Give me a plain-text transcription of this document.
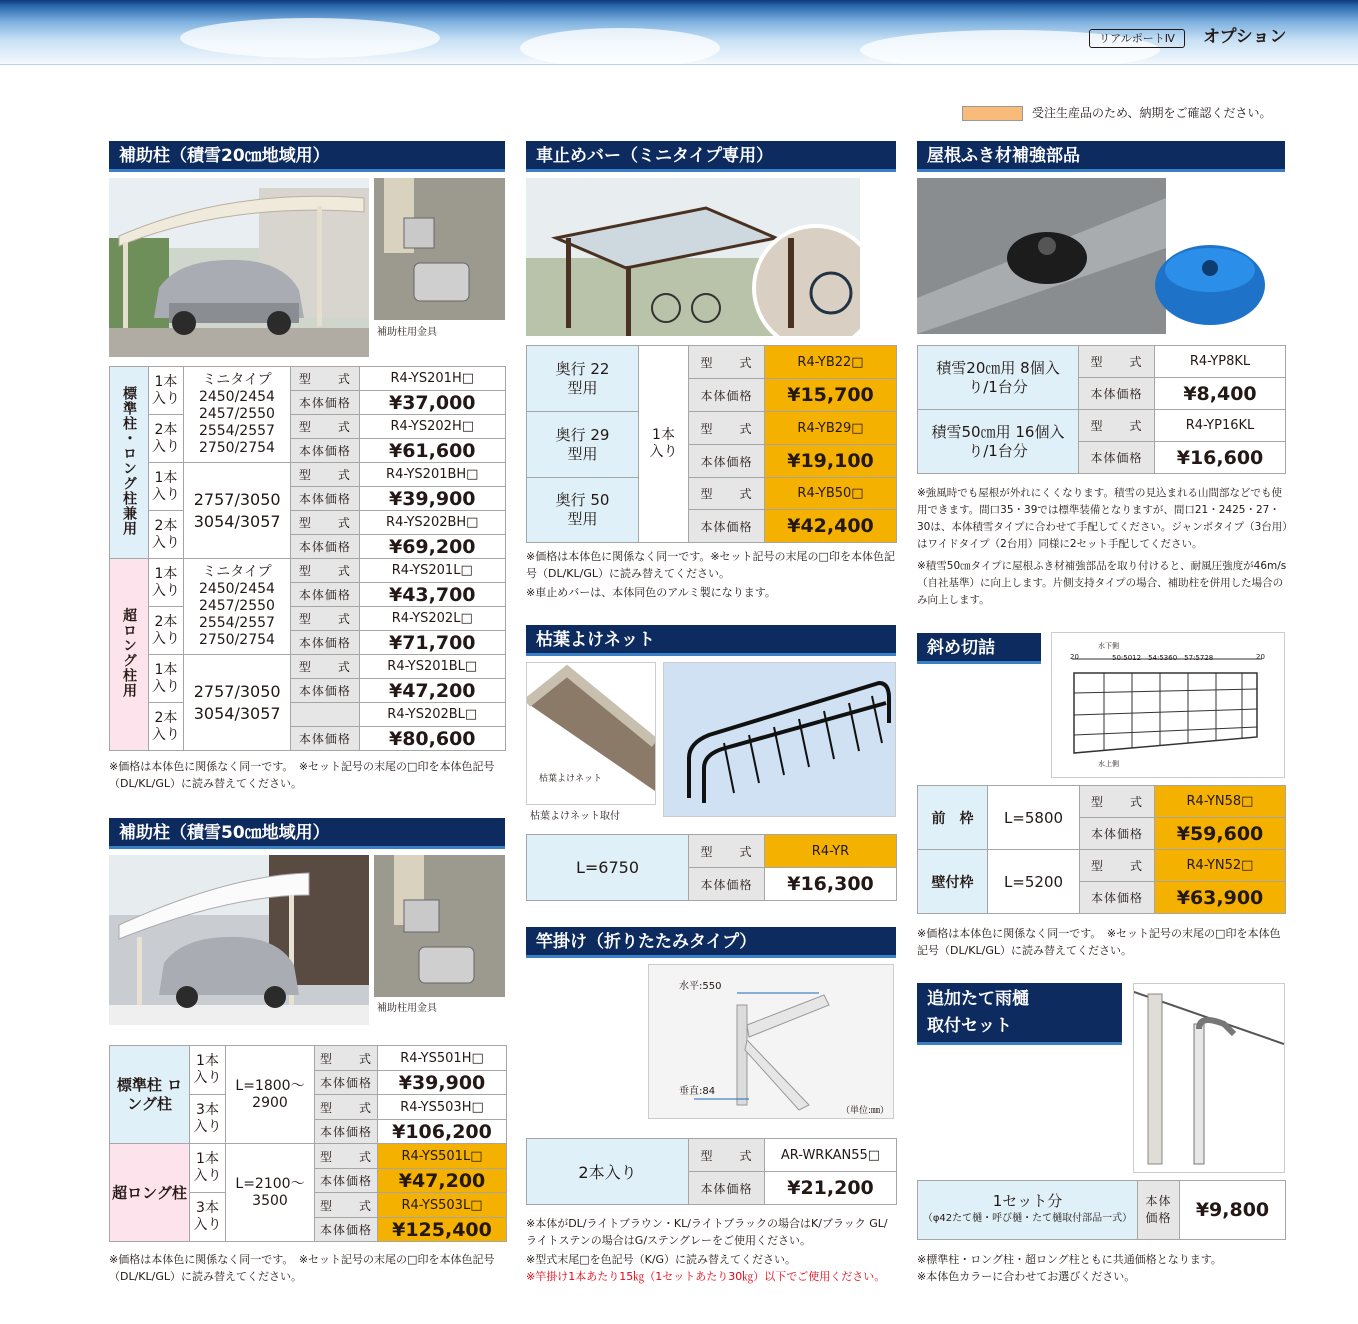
リアルポートⅣ	オプション
受注生産品のため、納期をご確認ください。
補助柱（積雪20㎝地域用）
補助柱用金具
標準柱・ロング柱兼用	1本入り	ミニタイプ 2450/2454 2457/2550 2554/2557 2750/2754	型　　式	R4-YS201H□
			本体価格	¥37,000
	2本入り		型　　式	R4-YS202H□
			本体価格	¥61,600
	1本入り	2757/3050 3054/3057	型　　式	R4-YS201BH□
			本体価格	¥39,900
	2本入り		型　　式	R4-YS202BH□
			本体価格	¥69,200
超ロング柱用	1本入り	ミニタイプ 2450/2454 2457/2550 2554/2557 2750/2754	型　　式	R4-YS201L□
			本体価格	¥43,700
	2本入り		型　　式	R4-YS202L□
			本体価格	¥71,700
	1本入り	2757/3050 3054/3057	型　　式	R4-YS201BL□
			本体価格	¥47,200
	2本入り			R4-YS202BL□
			本体価格	¥80,600
※価格は本体色に関係なく同一です。　※セット記号の末尾の□印を本体色記号（DL/KL/GL）に読み替えてください。
補助柱（積雪50㎝地域用）
補助柱用金具
標準柱 ロング柱	1本入り	L=1800～ 2900	型　　式	R4-YS501H□
			本体価格	¥39,900
	3本入り		型　　式	R4-YS503H□
			本体価格	¥106,200
超ロング柱	1本入り	L=2100～ 3500	型　　式	R4-YS501L□
			本体価格	¥47,200
	3本入り		型　　式	R4-YS503L□
			本体価格	¥125,400
※価格は本体色に関係なく同一です。　※セット記号の末尾の□印を本体色記号（DL/KL/GL）に読み替えてください。
車止めバー（ミニタイプ専用）
奥行 22型用	1本入り	型　　式	R4-YB22□
		本体価格	¥15,700
奥行 29型用		型　　式	R4-YB29□
		本体価格	¥19,100
奥行 50型用		型　　式	R4-YB50□
		本体価格	¥42,400
※価格は本体色に関係なく同一です。※セット記号の末尾の□印を本体色記号（DL/KL/GL）に読み替えてください。
※車止めバーは、本体同色のアルミ製になります。
枯葉よけネット
枯葉よけネット
枯葉よけネット取付
L=6750	型　　式	R4-YR
	本体価格	¥16,300
竿掛け（折りたたみタイプ）
水平:550
垂直:84
（単位:㎜）
2本入り	型　　式	AR-WRKAN55□
	本体価格	¥21,200
※本体がDL/ライトブラウン・KL/ライトブラックの場合はK/ブラック GL/ライトステンの場合はG/ステングレーをご使用ください。
※型式末尾□を色記号（K/G）に読み替えてください。
※竿掛け1本あたり15㎏（1セットあたり30㎏）以下でご使用ください。
屋根ふき材補強部品
積雪20㎝用 8個入り/1台分	型　　式	R4-YP8KL
	本体価格	¥8,400
積雪50㎝用 16個入り/1台分	型　　式	R4-YP16KL
	本体価格	¥16,600
※強風時でも屋根が外れにくくなります。積雪の見込まれる山間部などでも使用できます。間口35・39では標準装備となりますが、間口21・2425・27・30は、本体積雪タイプに合わせて手配してください。ジャンボタイプ（3台用）はワイドタイプ（2台用）同様に2セット手配してください。
※積雪50㎝タイプに屋根ふき材補強部品を取り付けると、耐風圧強度が46m/s（自社基準）に向上します。片側支持タイプの場合、補助柱を併用した場合のみ向上します。
斜め切詰	水下側
50:5012　54:5360　57:5728
20	20
水上側
前　枠	L=5800	型　　式	R4-YN58□
		本体価格	¥59,600
壁付枠	L=5200	型　　式	R4-YN52□
		本体価格	¥63,900
※価格は本体色に関係なく同一です。　※セット記号の末尾の□印を本体色記号（DL/KL/GL）に読み替えてください。
追加たて雨樋
取付セット
1セット分
（φ42たて樋・呼び樋・たて樋取付部品一式）
	本体 価格	¥9,800
※標準柱・ロング柱・超ロング柱ともに共通価格となります。
※本体色カラーに合わせてお選びください。
